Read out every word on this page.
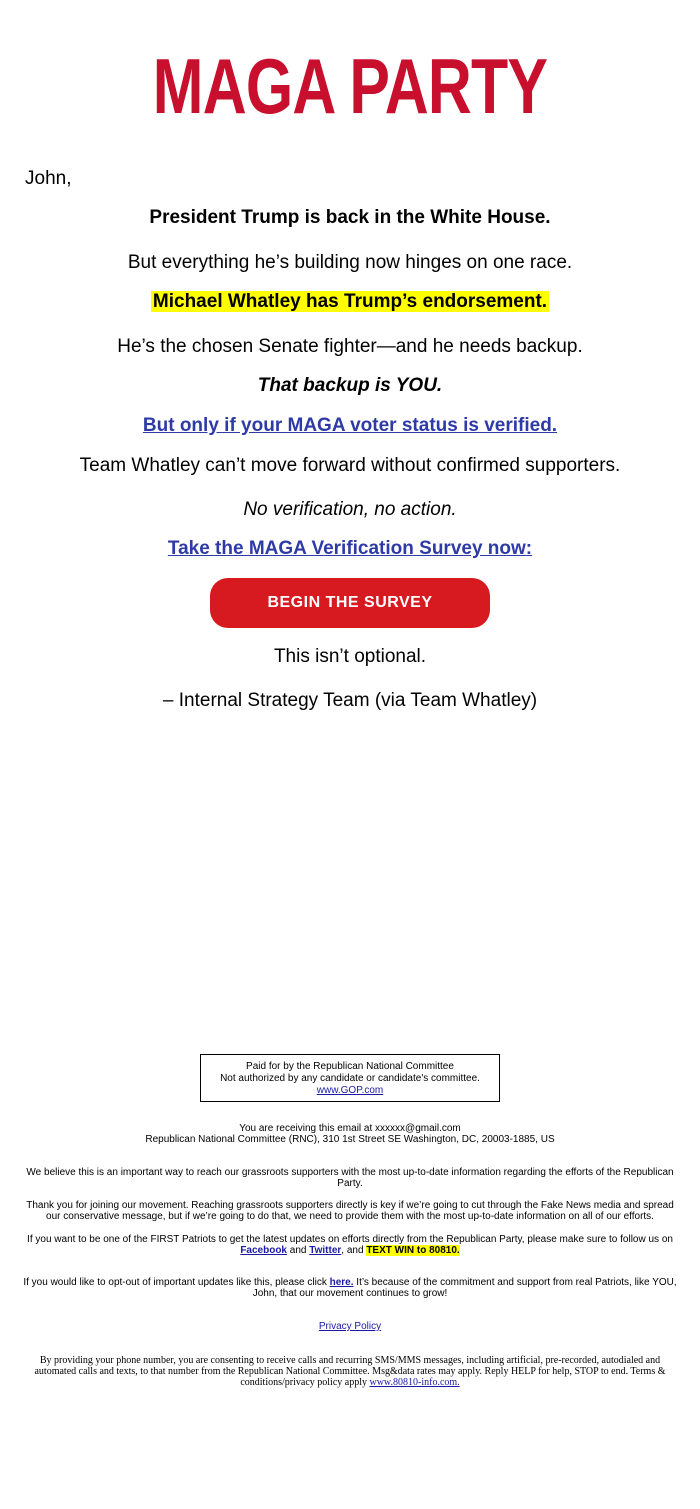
MAGA PARTY
John,
President Trump is back in the White House.
But everything he’s building now hinges on one race.
Michael Whatley has Trump’s endorsement.
He’s the chosen Senate fighter—and he needs backup.
That backup is YOU.
But only if your MAGA voter status is verified.
Team Whatley can’t move forward without confirmed supporters.
No verification, no action.
Take the MAGA Verification Survey now:
BEGIN THE SURVEY
This isn’t optional.
– Internal Strategy Team (via Team Whatley)
Paid for by the Republican National Committee
Not authorized by any candidate or candidate's committee.
www.GOP.com
You are receiving this email at xxxxxx@gmail.com
Republican National Committee (RNC), 310 1st Street SE Washington, DC, 20003-1885, US
We believe this is an important way to reach our grassroots supporters with the most up-to-date information regarding the efforts of the Republican Party.
Thank you for joining our movement. Reaching grassroots supporters directly is key if we’re going to cut through the Fake News media and spread our conservative message, but if we’re going to do that, we need to provide them with the most up-to-date information on all of our efforts.
If you want to be one of the FIRST Patriots to get the latest updates on efforts directly from the Republican Party, please make sure to follow us on Facebook and Twitter, and TEXT WIN to 80810.
If you would like to opt-out of important updates like this, please click here. It’s because of the commitment and support from real Patriots, like YOU, John, that our movement continues to grow!
Privacy Policy
By providing your phone number, you are consenting to receive calls and recurring SMS/MMS messages, including artificial, pre-recorded, autodialed and automated calls and texts, to that number from the Republican National Committee. Msg&data rates may apply. Reply HELP for help, STOP to end. Terms & conditions/privacy policy apply www.80810-info.com.
